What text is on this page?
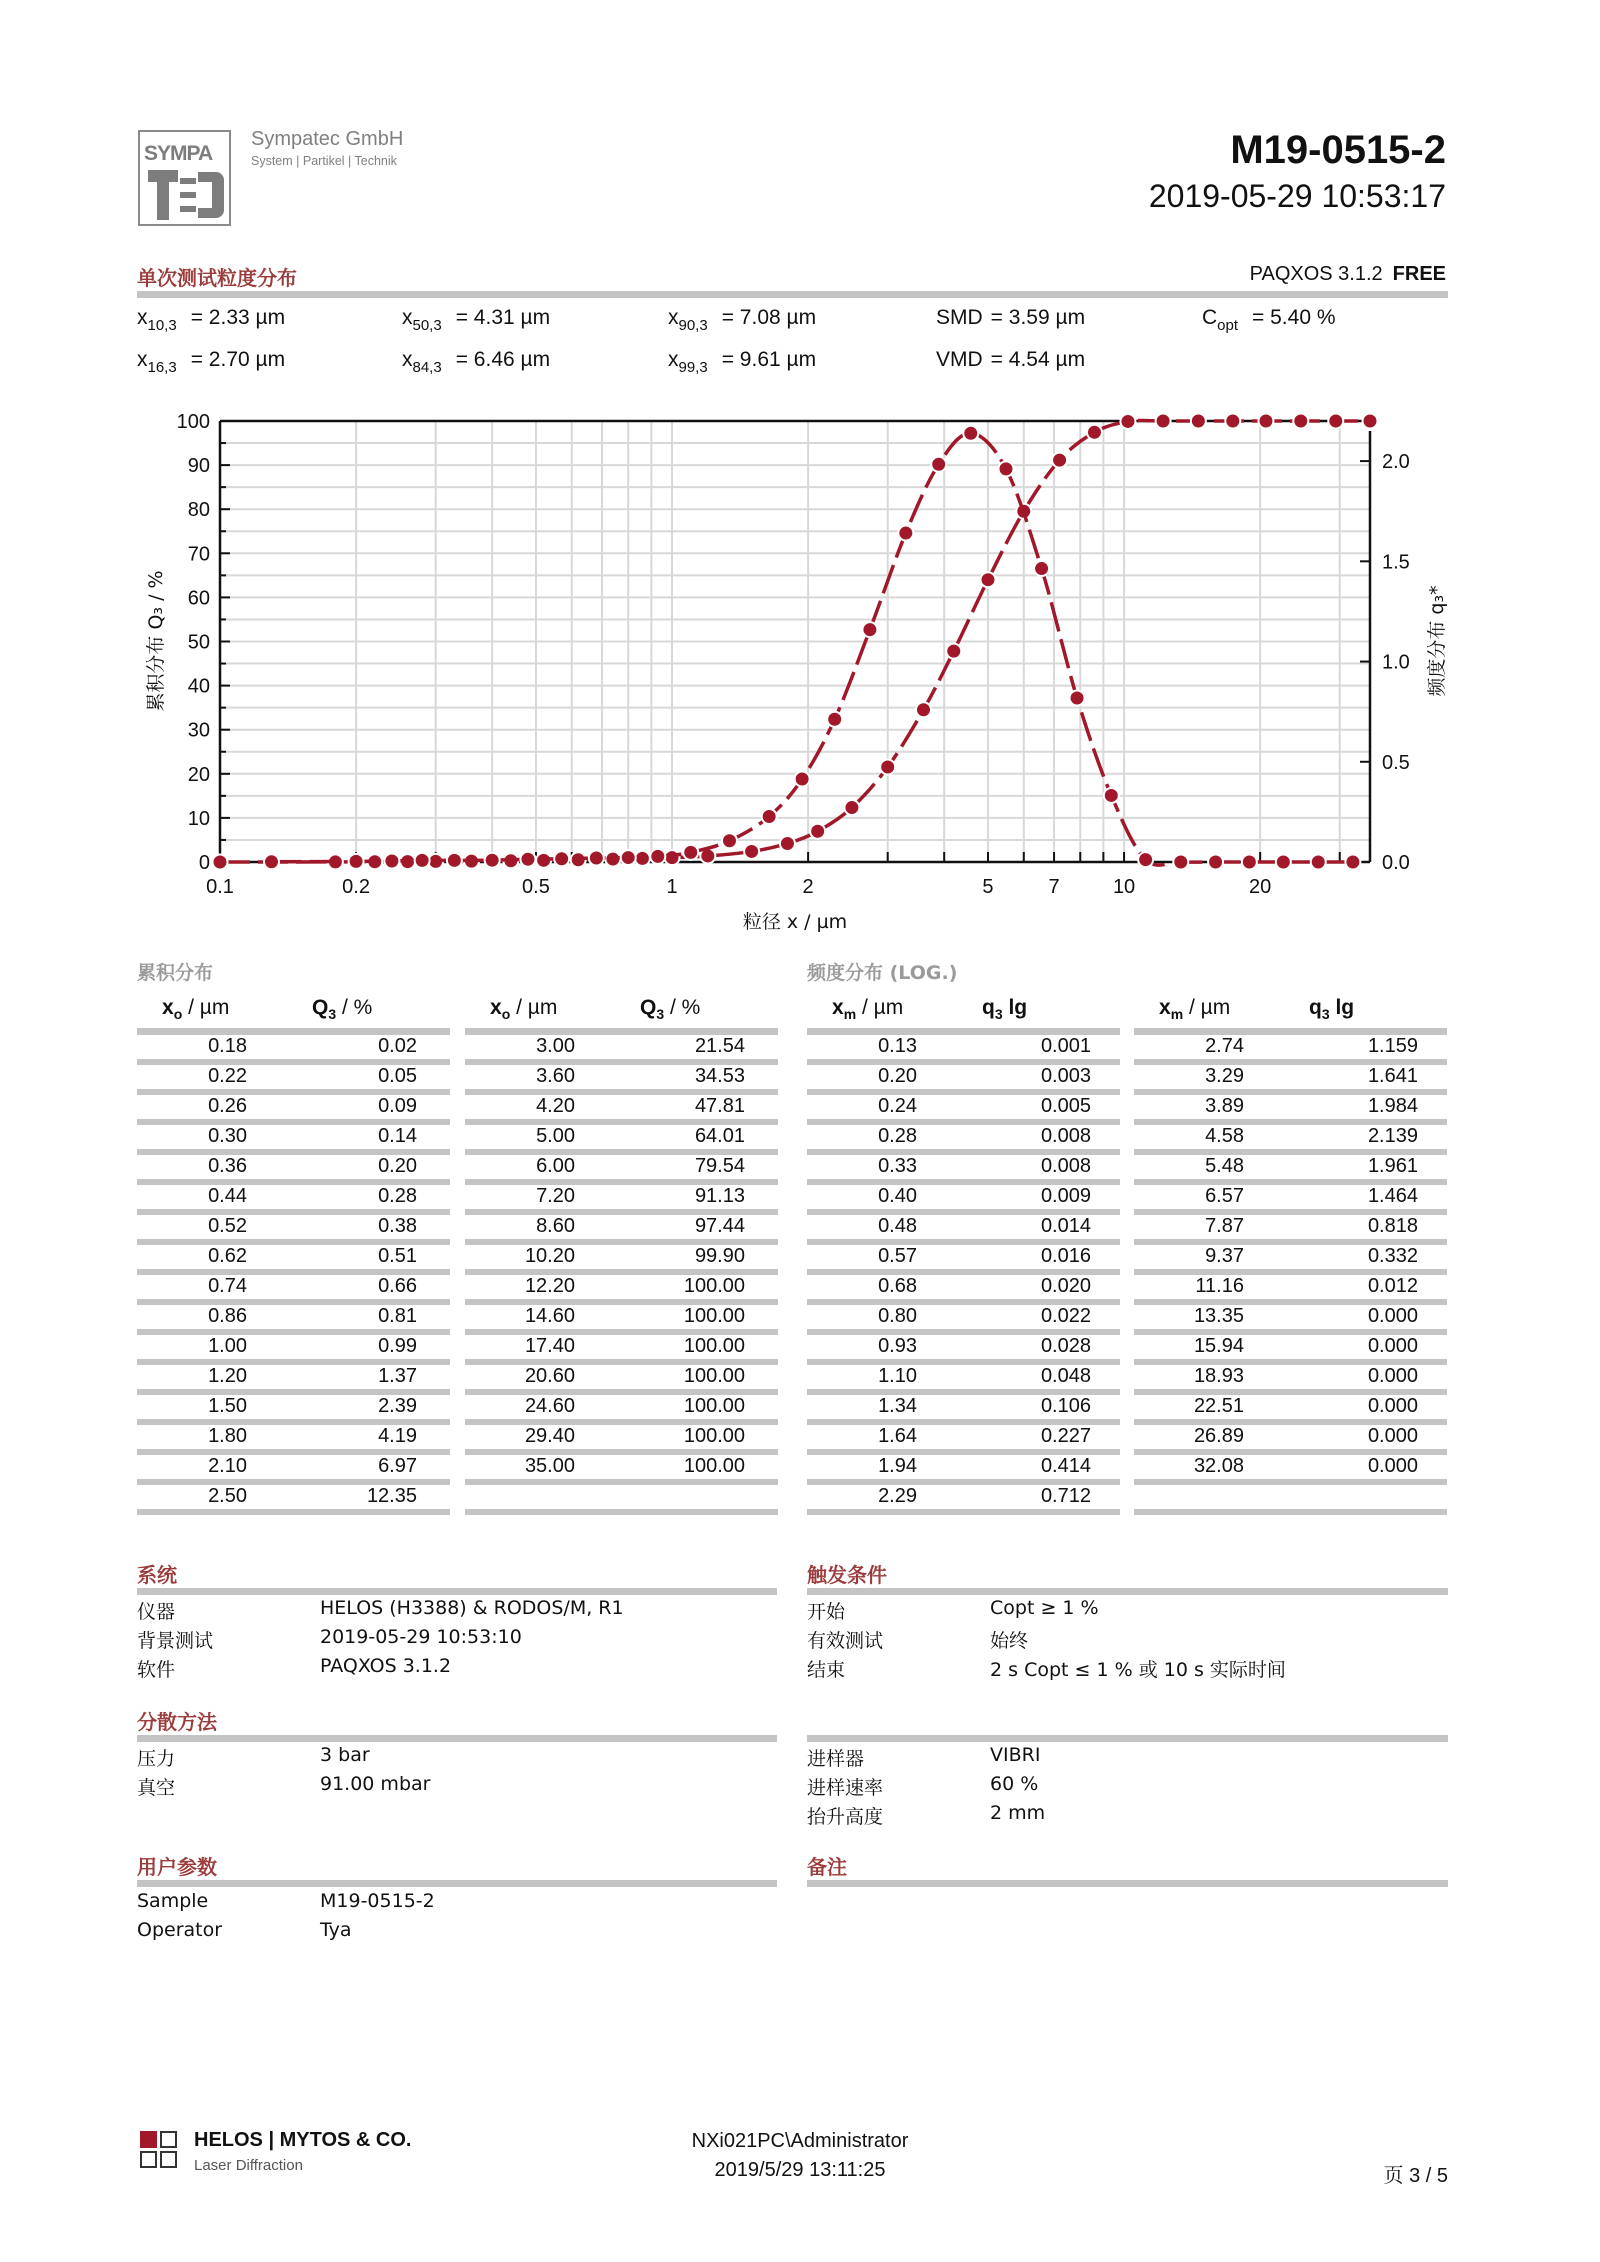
SYMPA
Sympatec GmbH
System | Partikel | Technik	M19-0515-2
2019-05-29 10:53:17
单次测试粒度分布	PAQXOS 3.1.2 FREE
$x_{10,3} = 2.33$ µm	$x_{50,3} = 4.31$ µm	$x_{90,3} = 7.08$ µm	SMD = 3.59 µm	$C_{opt} = 5.40$ %
$x_{16,3} = 2.70$ µm	$x_{84,3} = 6.46$ µm	$x_{99,3} = 9.61$ µm	VMD = 4.54 µm
0
10
20
30
40
50
60
70
80
90
100
0.0
0.5
1.0
1.5
2.0
0.1	0.2	0.5	1	2	5	7	10	20
粒径 x / µm
累积分布 Q₃ / %	频度分布 q₃*
累积分布	频度分布 (LOG.)
$x_o$ / µm	$Q_3$ / %
0.18	0.02
0.22	0.05
0.26	0.09
0.30	0.14
0.36	0.20
0.44	0.28
0.52	0.38
0.62	0.51
0.74	0.66
0.86	0.81
1.00	0.99
1.20	1.37
1.50	2.39
1.80	4.19
2.10	6.97
2.50	12.35
$x_o$ / µm	$Q_3$ / %
3.00	21.54
3.60	34.53
4.20	47.81
5.00	64.01
6.00	79.54
7.20	91.13
8.60	97.44
10.20	99.90
12.20	100.00
14.60	100.00
17.40	100.00
20.60	100.00
24.60	100.00
29.40	100.00
35.00	100.00
$x_m$ / µm	$q_3$ lg
0.13	0.001
0.20	0.003
0.24	0.005
0.28	0.008
0.33	0.008
0.40	0.009
0.48	0.014
0.57	0.016
0.68	0.020
0.80	0.022
0.93	0.028
1.10	0.048
1.34	0.106
1.64	0.227
1.94	0.414
2.29	0.712
$x_m$ / µm	$q_3$ lg
2.74	1.159
3.29	1.641
3.89	1.984
4.58	2.139
5.48	1.961
6.57	1.464
7.87	0.818
9.37	0.332
11.16	0.012
13.35	0.000
15.94	0.000
18.93	0.000
22.51	0.000
26.89	0.000
32.08	0.000
系统
仪器	HELOS (H3388) & RODOS/M, R1
背景测试	2019-05-29 10:53:10
软件	PAQXOS 3.1.2
触发条件
开始	Copt ≥ 1 %
有效测试	始终
结束	2 s Copt ≤ 1 % 或 10 s 实际时间
分散方法
压力	3 bar
真空	91.00 mbar
进样器	VIBRI
进样速率	60 %
抬升高度	2 mm
用户参数
Sample	M19-0515-2
Operator	Tya
备注
HELOS | MYTOS & CO.
Laser Diffraction
NXi021PC\Administrator
2019/5/29 13:11:25	页 3 / 5
